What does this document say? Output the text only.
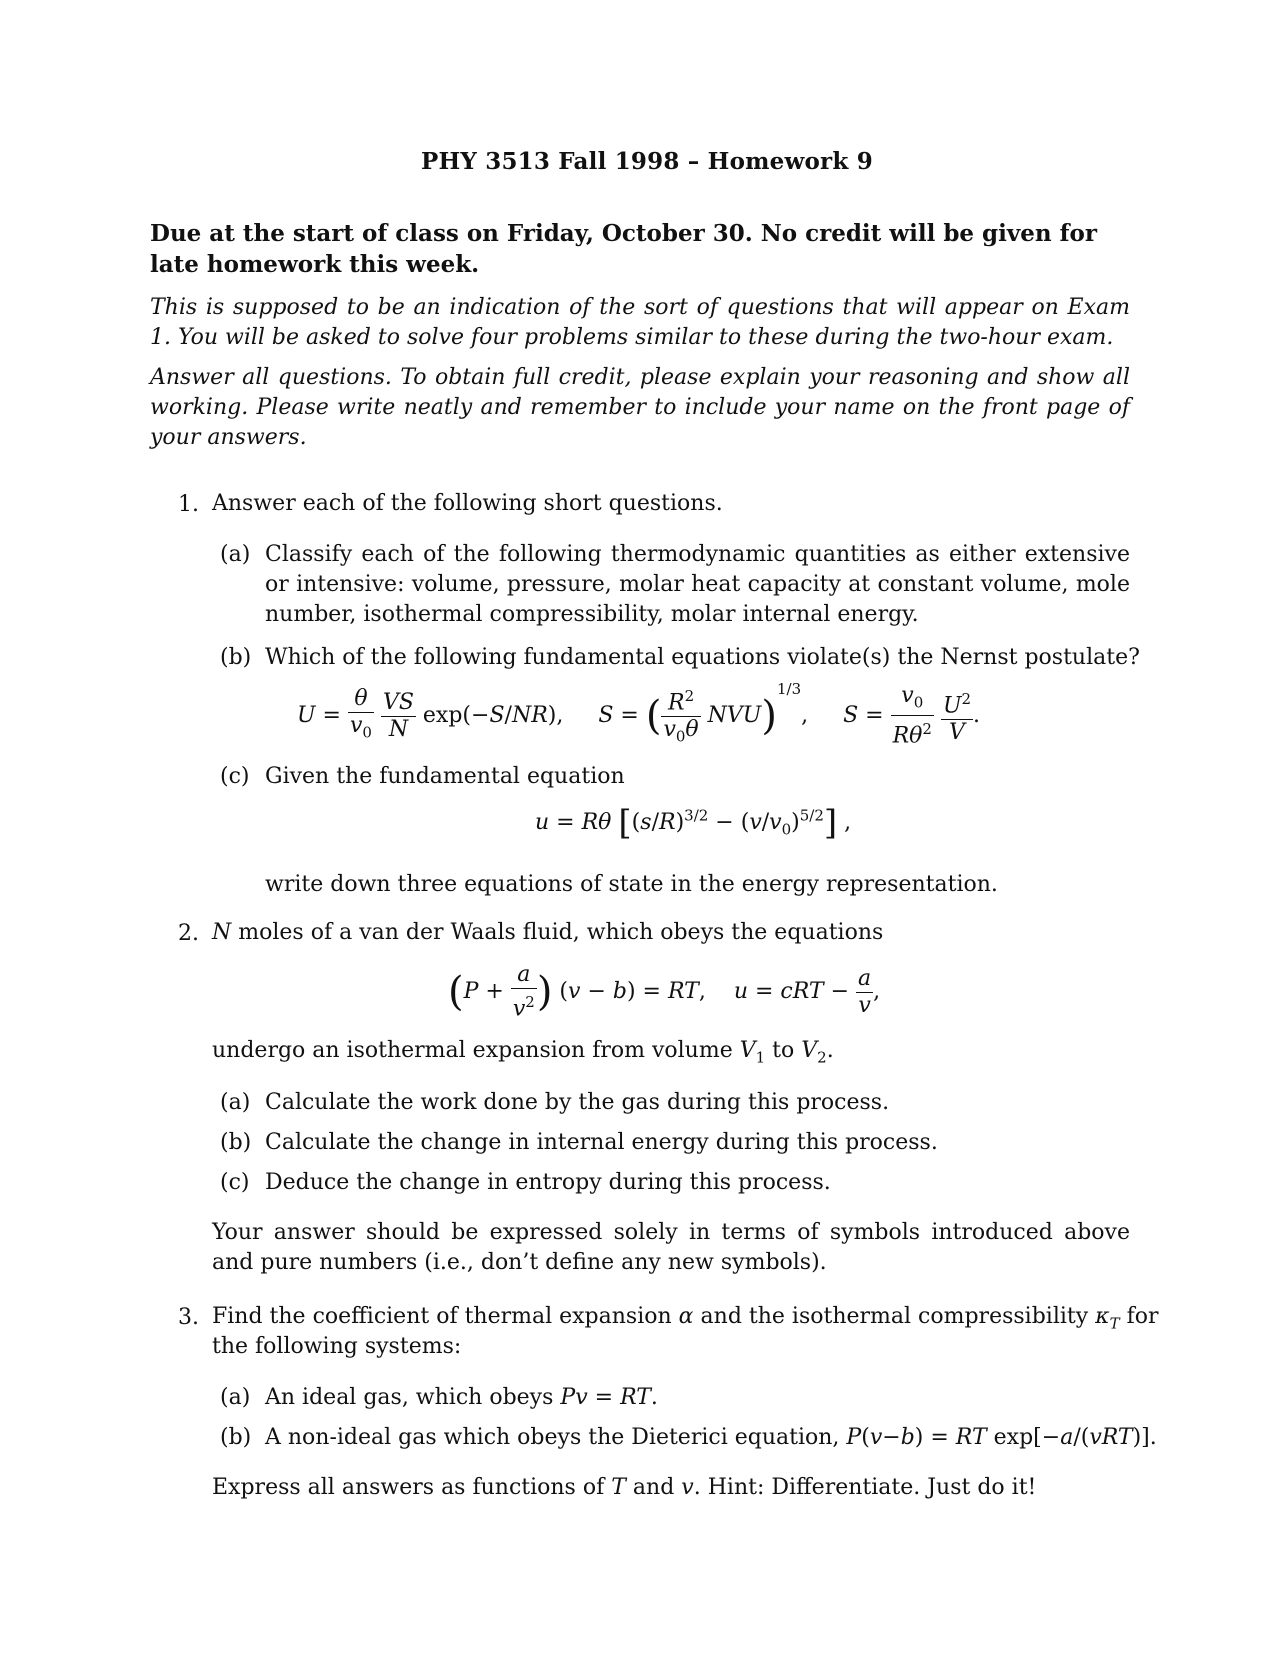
PHY 3513 Fall 1998 – Homework 9
Due at the start of class on Friday, October 30. No credit will be given for late homework this week.
This is supposed to be an indication of the sort of questions that will appear on Exam 1. You will be asked to solve four problems similar to these during the two-hour exam.
Answer all questions. To obtain full credit, please explain your reasoning and show all working. Please write neatly and remember to include your name on the front page of your answers.
1. Answer each of the following short questions.
(a) Classify each of the following thermodynamic quantities as either extensive or intensive: volume, pressure, molar heat capacity at constant volume, mole number, isothermal compressibility, molar internal energy.
(b) Which of the following fundamental equations violate(s) the Nernst postulate?
$U = \frac{\theta}{v_0}$
$\frac{VS}{N} \exp(-S/NR)$,     S = ( $\frac{R^2}{v_0\theta} NVU)^{1/3}$,     $S = \frac{v_0}{R\theta^2}$
$\frac{U^2}{V}$ .
(c) Given the fundamental equation
u = Rθ $[(s/R)^{3/2} - (v/v_0)^{5/2}]$ ,
write down three equations of state in the energy representation.
2. N moles of a van der Waals fluid, which obeys the equations
($P + \frac{a}{v^2}$ ) (v − b) = RT,    u = cRT − $\frac{a}{v}$ ,
undergo an isothermal expansion from volume $V_1$ to $V_2$.
(a) Calculate the work done by the gas during this process.
(b) Calculate the change in internal energy during this process.
(c) Deduce the change in entropy during this process.
Your answer should be expressed solely in terms of symbols introduced above and pure numbers (i.e., don’t define any new symbols).
3. Find the coefficient of thermal expansion α and the isothermal compressibility $\kappa_T$ for
the following systems:
(a) An ideal gas, which obeys Pv = RT.
(b) A non-ideal gas which obeys the Dieterici equation, P(v−b) = RT exp[−a/(vRT)].
Express all answers as functions of T and v. Hint: Differentiate. Just do it!
